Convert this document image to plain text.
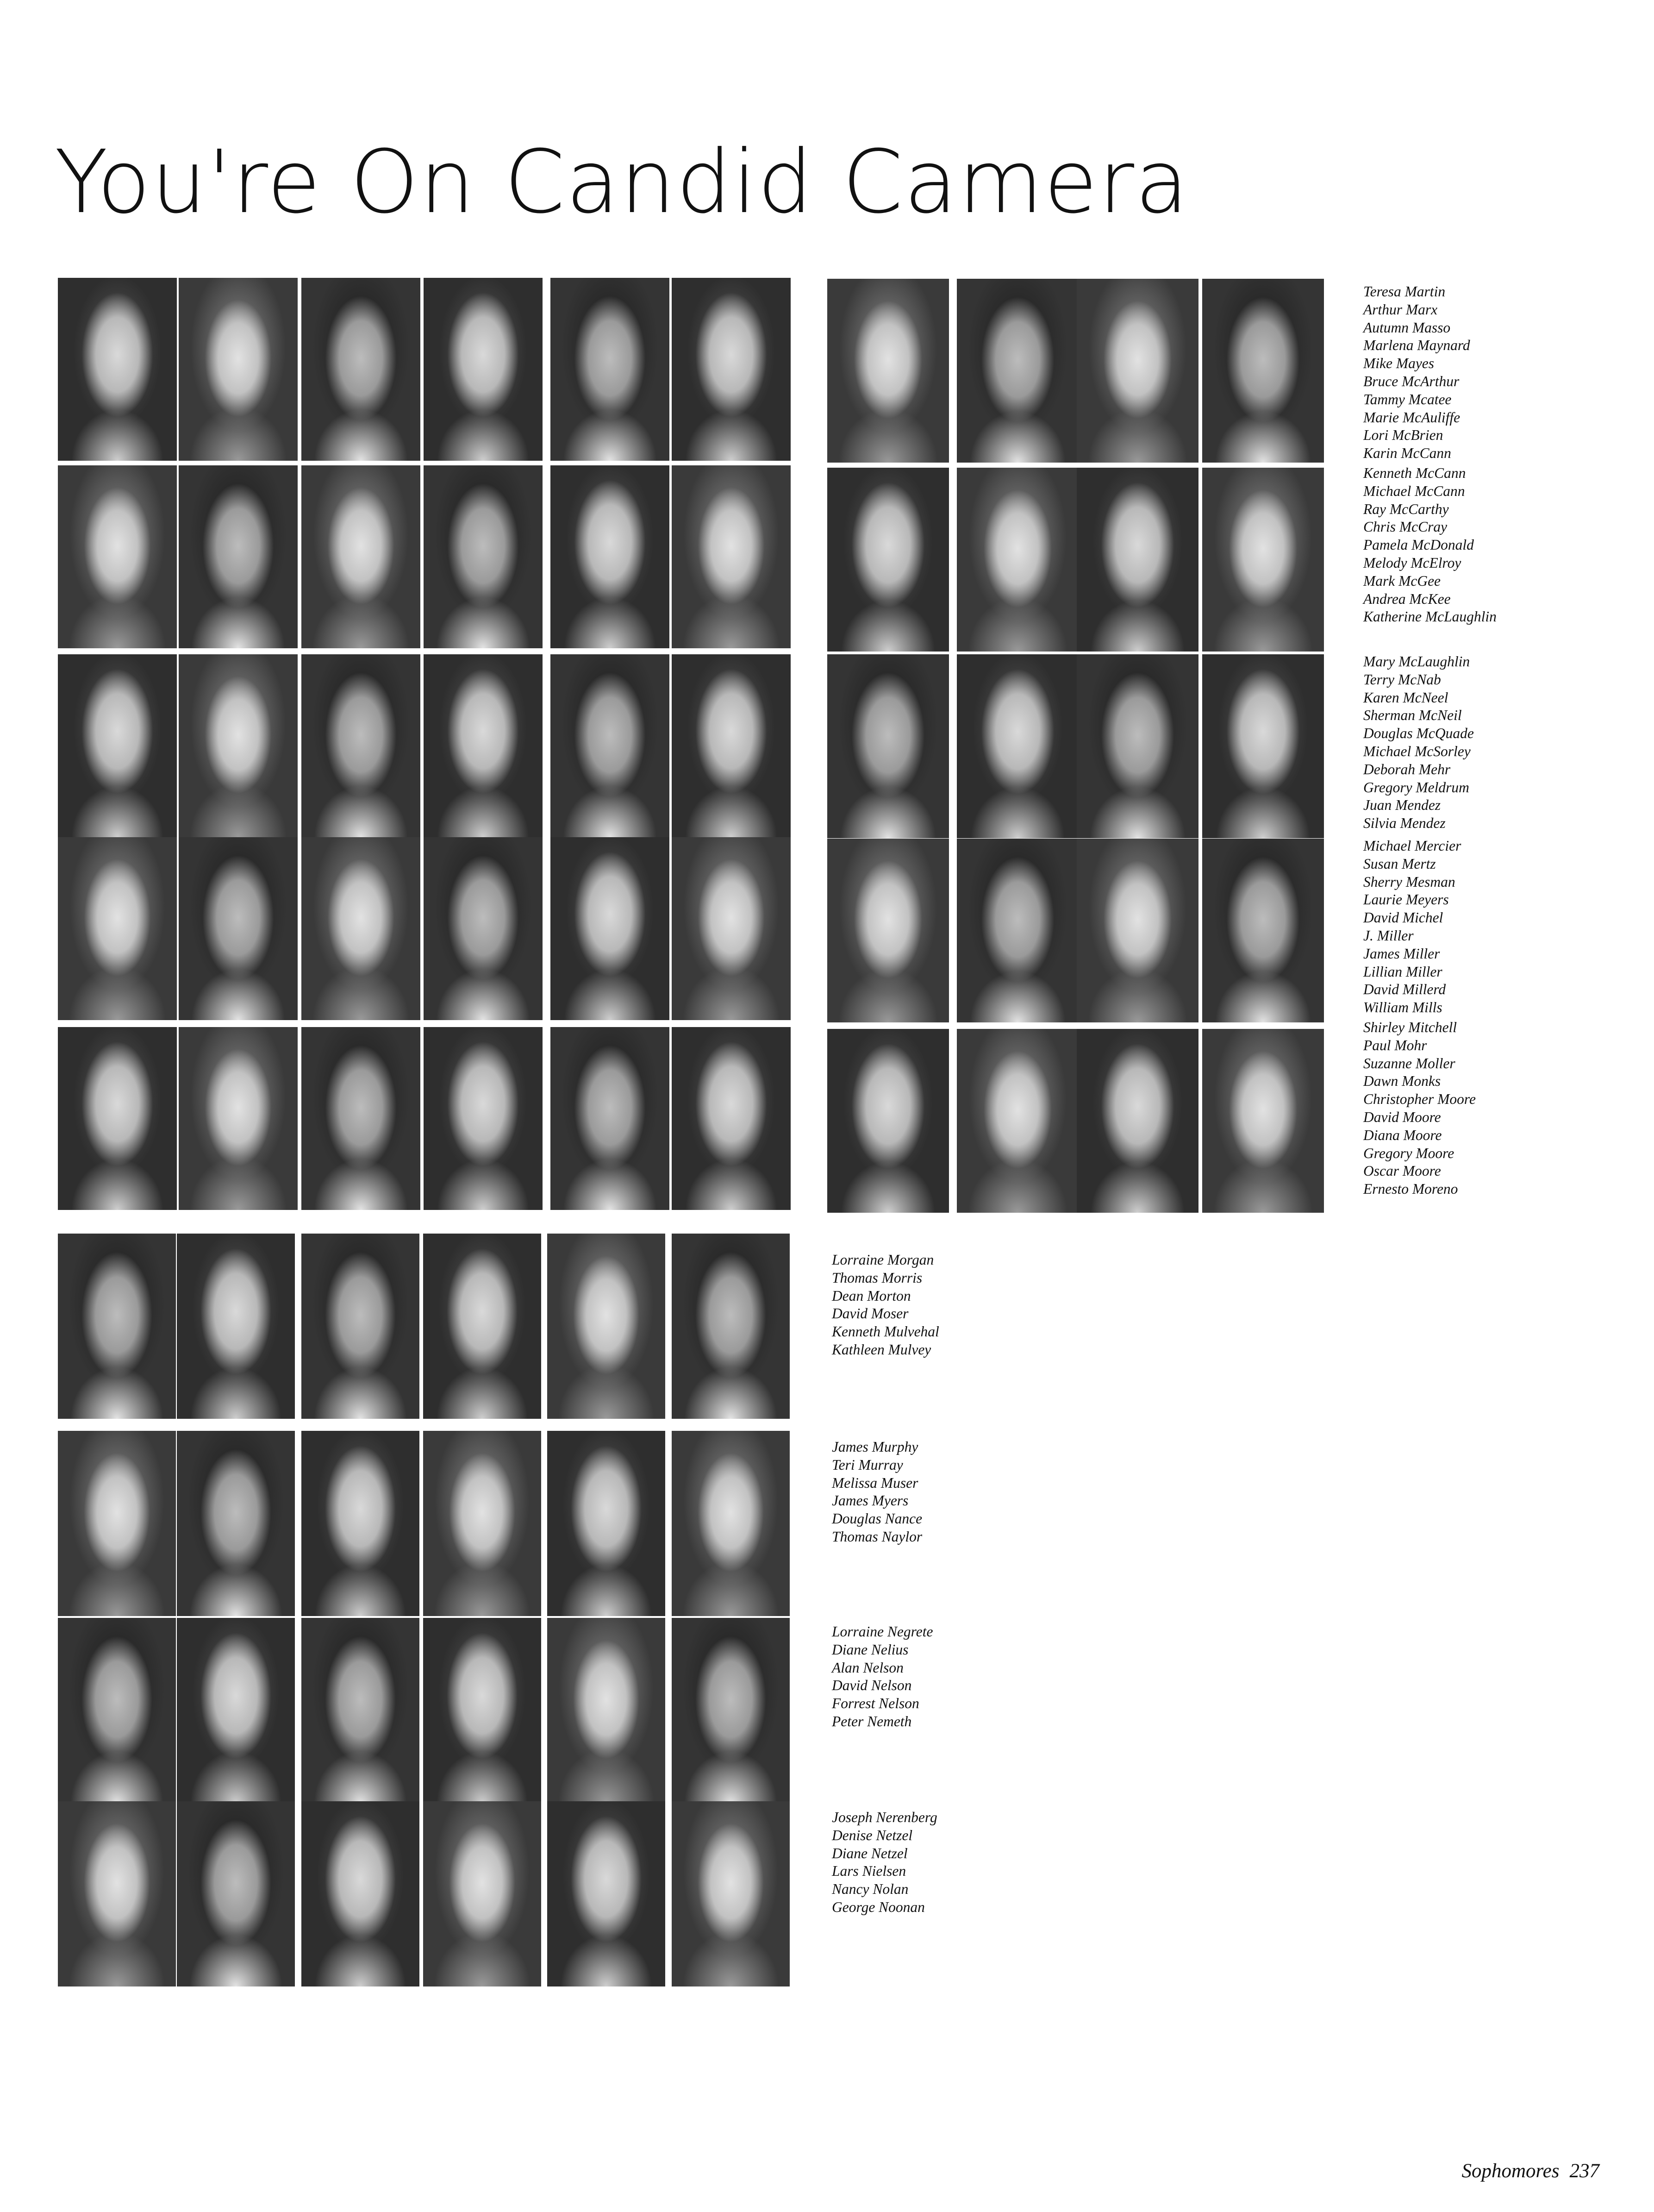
You're On Candid Camera
Teresa Martin
Arthur Marx
Autumn Masso
Marlena Maynard
Mike Mayes
Bruce McArthur
Tammy Mcatee
Marie McAuliffe
Lori McBrien
Karin McCann
Kenneth McCann
Michael McCann
Ray McCarthy
Chris McCray
Pamela McDonald
Melody McElroy
Mark McGee
Andrea McKee
Katherine McLaughlin
Mary McLaughlin
Terry McNab
Karen McNeel
Sherman McNeil
Douglas McQuade
Michael McSorley
Deborah Mehr
Gregory Meldrum
Juan Mendez
Silvia Mendez
Michael Mercier
Susan Mertz
Sherry Mesman
Laurie Meyers
David Michel
J. Miller
James Miller
Lillian Miller
David Millerd
William Mills
Shirley Mitchell
Paul Mohr
Suzanne Moller
Dawn Monks
Christopher Moore
David Moore
Diana Moore
Gregory Moore
Oscar Moore
Ernesto Moreno
Lorraine Morgan
Thomas Morris
Dean Morton
David Moser
Kenneth Mulvehal
Kathleen Mulvey
James Murphy
Teri Murray
Melissa Muser
James Myers
Douglas Nance
Thomas Naylor
Lorraine Negrete
Diane Nelius
Alan Nelson
David Nelson
Forrest Nelson
Peter Nemeth
Joseph Nerenberg
Denise Netzel
Diane Netzel
Lars Nielsen
Nancy Nolan
George Noonan
Sophomores 237
